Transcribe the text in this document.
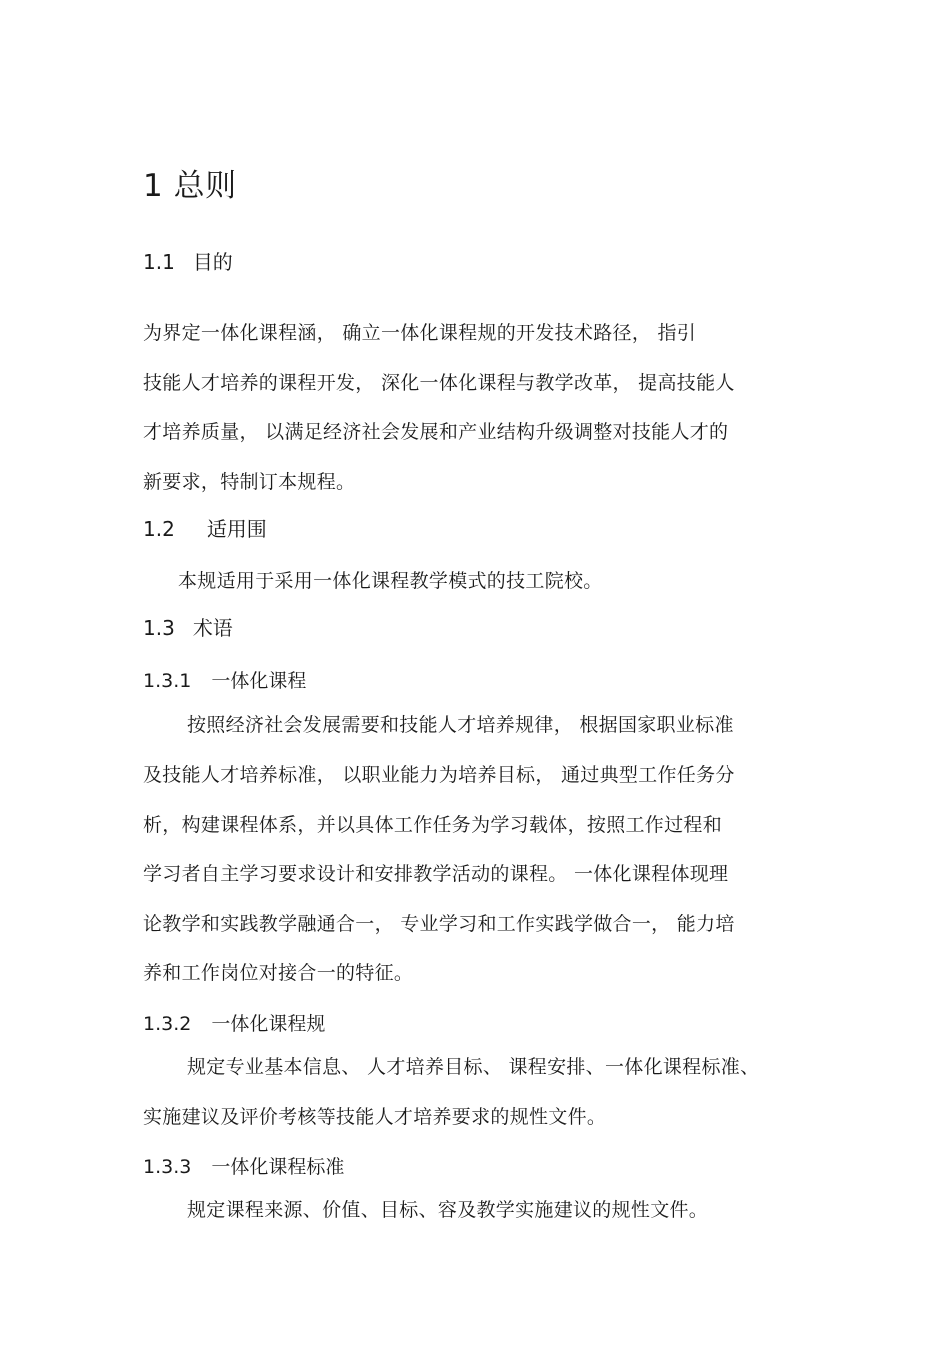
1 总则
1.1 目的
为界定一体化课程涵， 确立一体化课程规的开发技术路径， 指引
技能人才培养的课程开发， 深化一体化课程与教学改革， 提高技能人
才培养质量， 以满足经济社会发展和产业结构升级调整对技能人才的
新要求，特制订本规程。
1.2 适用围
本规适用于采用一体化课程教学模式的技工院校。
1.3 术语
1.3.1 一体化课程
按照经济社会发展需要和技能人才培养规律， 根据国家职业标准
及技能人才培养标准， 以职业能力为培养目标， 通过典型工作任务分
析，构建课程体系，并以具体工作任务为学习载体，按照工作过程和
学习者自主学习要求设计和安排教学活动的课程。 一体化课程体现理
论教学和实践教学融通合一， 专业学习和工作实践学做合一， 能力培
养和工作岗位对接合一的特征。
1.3.2 一体化课程规
规定专业基本信息、 人才培养目标、 课程安排、一体化课程标准、
实施建议及评价考核等技能人才培养要求的规性文件。
1.3.3 一体化课程标准
规定课程来源、价值、目标、容及教学实施建议的规性文件。
